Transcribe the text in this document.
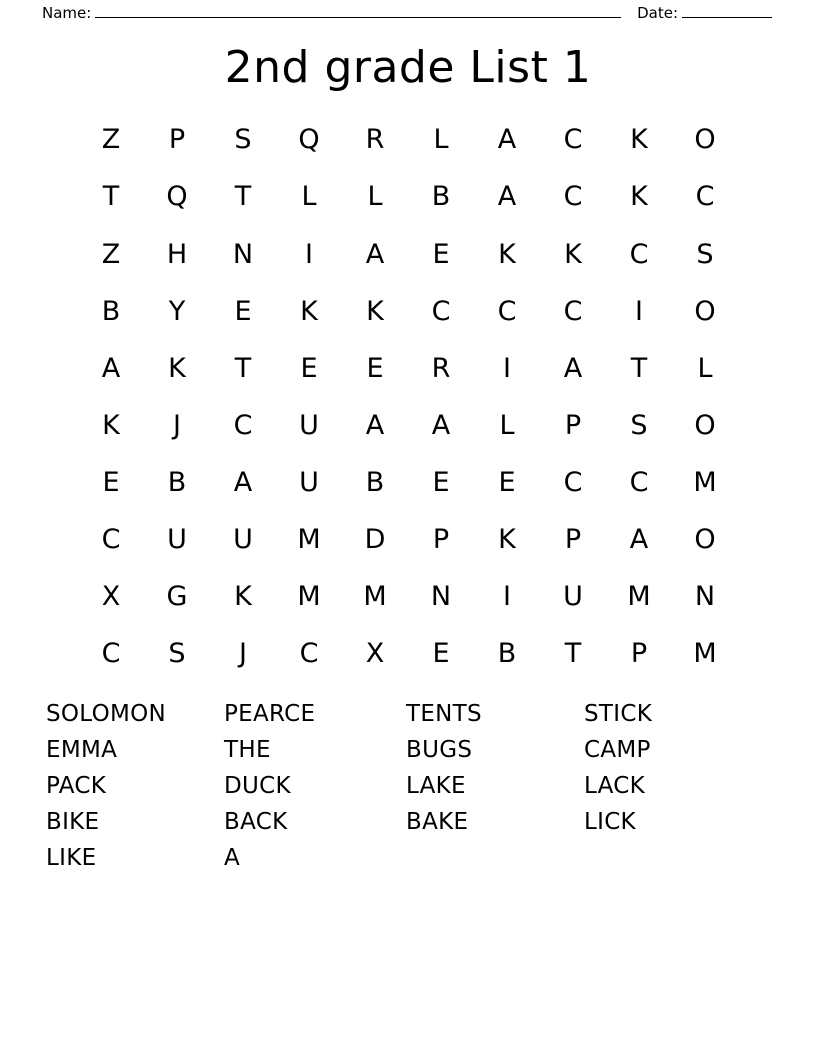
Name:	Date:
2nd grade List 1
Z	P	S	Q	R	L	A	C	K	O
T	Q	T	L	L	B	A	C	K	C
Z	H	N	I	A	E	K	K	C	S
B	Y	E	K	K	C	C	C	I	O
A	K	T	E	E	R	I	A	T	L
K	J	C	U	A	A	L	P	S	O
E	B	A	U	B	E	E	C	C	M
C	U	U	M	D	P	K	P	A	O
X	G	K	M	M	N	I	U	M	N
C	S	J	C	X	E	B	T	P	M
SOLOMON
EMMA
PACK
BIKE
LIKE
PEARCE
THE
DUCK
BACK
A
TENTS
BUGS
LAKE
BAKE
STICK
CAMP
LACK
LICK
